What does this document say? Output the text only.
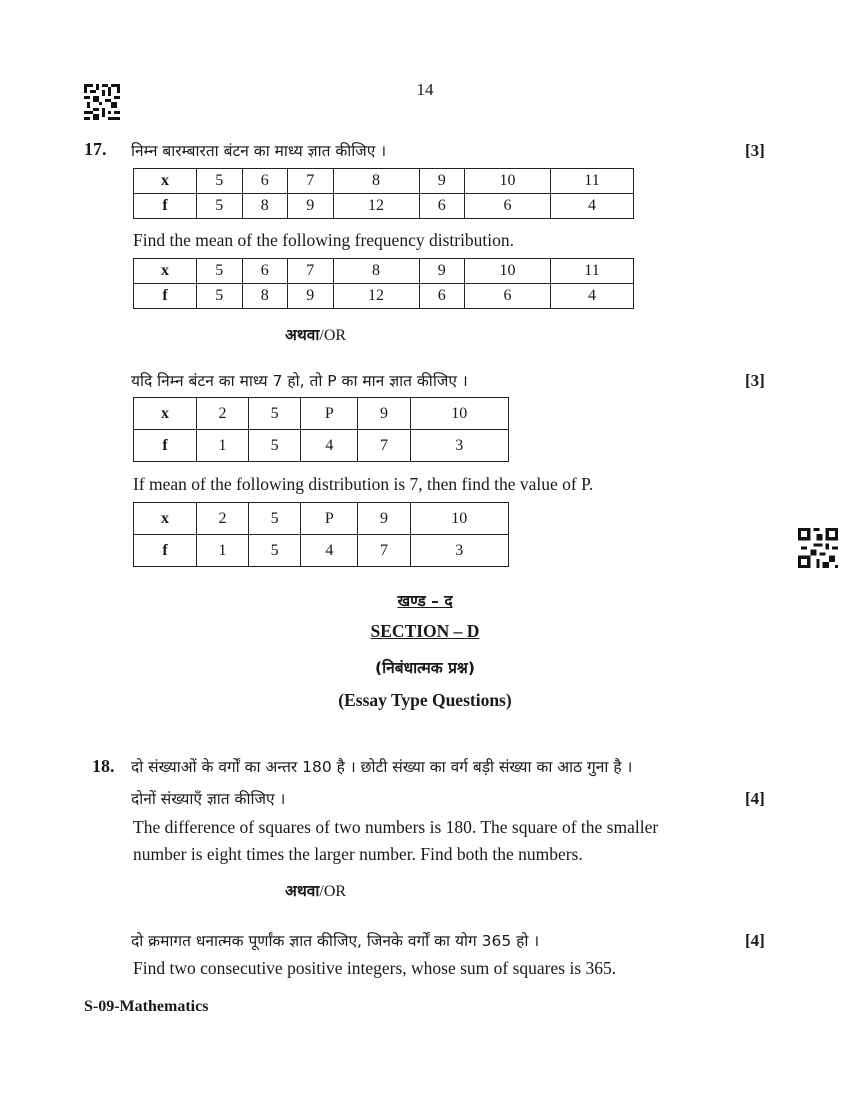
14
17. निम्न बारम्बारता बंटन का माध्य ज्ञात कीजिए ।	[3]
x	5	6	7	8	9	10	11
f	5	8	9	12	6	6	4
Find the mean of the following frequency distribution.
x	5	6	7	8	9	10	11
f	5	8	9	12	6	6	4
अथवा/OR
यदि निम्न बंटन का माध्य 7 हो, तो P का मान ज्ञात कीजिए ।	[3]
x	2	5	P	9	10
f	1	5	4	7	3
If mean of the following distribution is 7, then find the value of P.
x	2	5	P	9	10
f	1	5	4	7	3
खण्ड – द
SECTION – D
(निबंधात्मक प्रश्न)
(Essay Type Questions)
18. दो संख्याओं के वर्गों का अन्तर 180 है । छोटी संख्या का वर्ग बड़ी संख्या का आठ गुना है ।
दोनों संख्याएँ ज्ञात कीजिए ।	[4]
The difference of squares of two numbers is 180. The square of the smaller
number is eight times the larger number. Find both the numbers.
अथवा/OR
दो क्रमागत धनात्मक पूर्णांक ज्ञात कीजिए, जिनके वर्गों का योग 365 हो ।	[4]
Find two consecutive positive integers, whose sum of squares is 365.
S-09-Mathematics
